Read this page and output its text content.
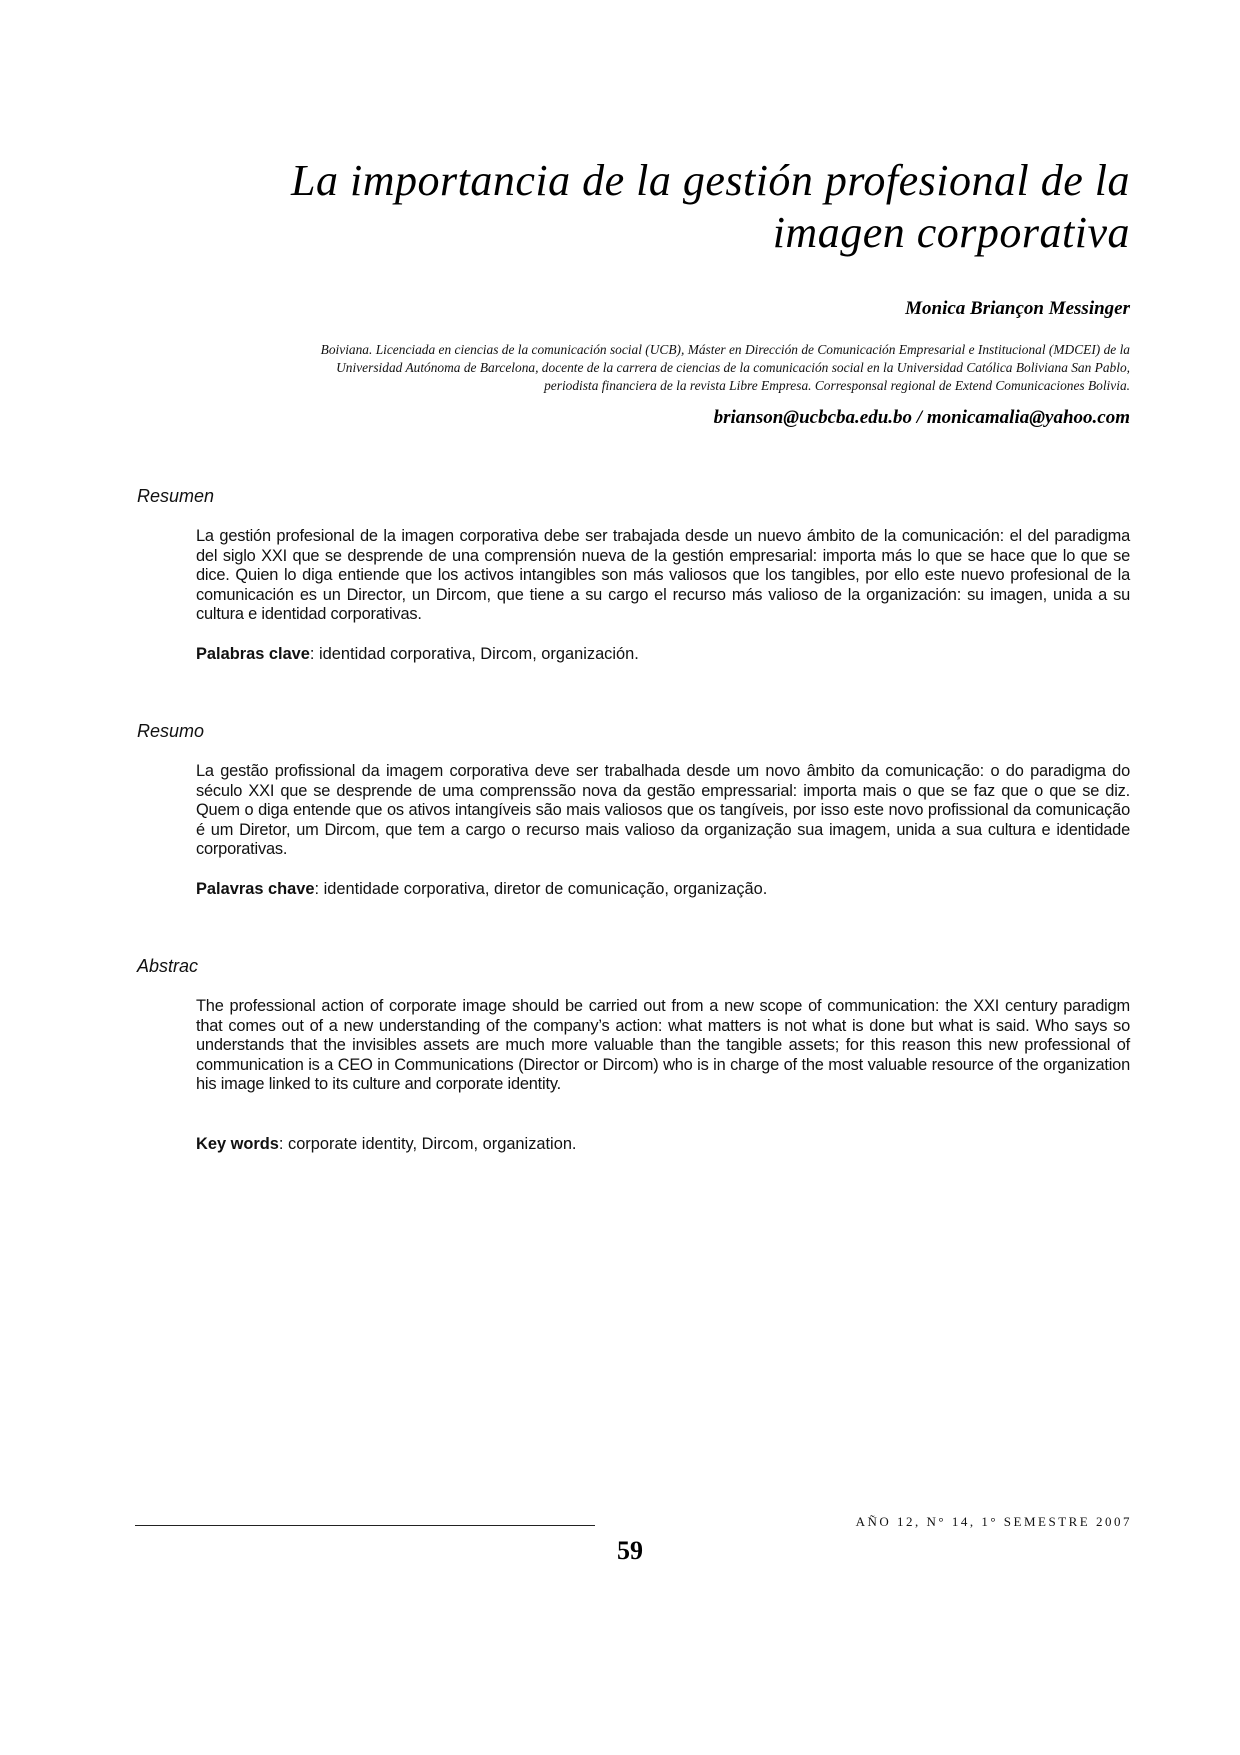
La importancia de la gestión profesional de la
imagen corporativa
Monica Briançon Messinger
Boiviana. Licenciada en ciencias de la comunicación social (UCB), Máster en Dirección de Comunicación Empresarial e Institucional (MDCEI) de la
Universidad Autónoma de Barcelona, docente de la carrera de ciencias de la comunicación social en la Universidad Católica Boliviana San Pablo,
periodista financiera de la revista Libre Empresa. Corresponsal regional de Extend Comunicaciones Bolivia.
brianson@ucbcba.edu.bo / monicamalia@yahoo.com
Resumen
La gestión profesional de la imagen corporativa debe ser trabajada desde un nuevo ámbito de la comunicación: el del paradigma del siglo XXI que se desprende de una comprensión nueva de la gestión empresarial: importa más lo que se hace que lo que se dice. Quien lo diga entiende que los activos intangibles son más valiosos que los tangibles, por ello este nuevo profesional de la comunicación es un Director, un Dircom, que tiene a su cargo el recurso más valioso de la organización: su imagen, unida a su cultura e identidad corporativas.
Palabras clave: identidad corporativa, Dircom, organización.
Resumo
La gestão profissional da imagem corporativa deve ser trabalhada desde um novo âmbito da comunicação: o do paradigma do século XXI que se desprende de uma comprenssão nova da gestão empressarial: importa mais o que se faz que o que se diz. Quem o diga entende que os ativos intangíveis são mais valiosos que os tangíveis, por isso este novo profissional da comunicação é um Diretor, um Dircom, que tem a cargo o recurso mais valioso da organização sua imagem, unida a sua cultura e identidade corporativas.
Palavras chave: identidade corporativa, diretor de comunicação, organização.
Abstrac
The professional action of corporate image should be carried out from a new scope of communication: the XXI century paradigm that comes out of a new understanding of the company’s action: what matters is not what is done but what is said. Who says so understands that the invisibles assets are much more valuable than the tangible assets; for this reason this new professional of communication is a CEO in Communications (Director or Dircom) who is in charge of the most valuable resource of the organization his image linked to its culture and corporate identity.
Key words: corporate identity, Dircom, organization.
AÑO 12, N° 14, 1° SEMESTRE 2007
59
